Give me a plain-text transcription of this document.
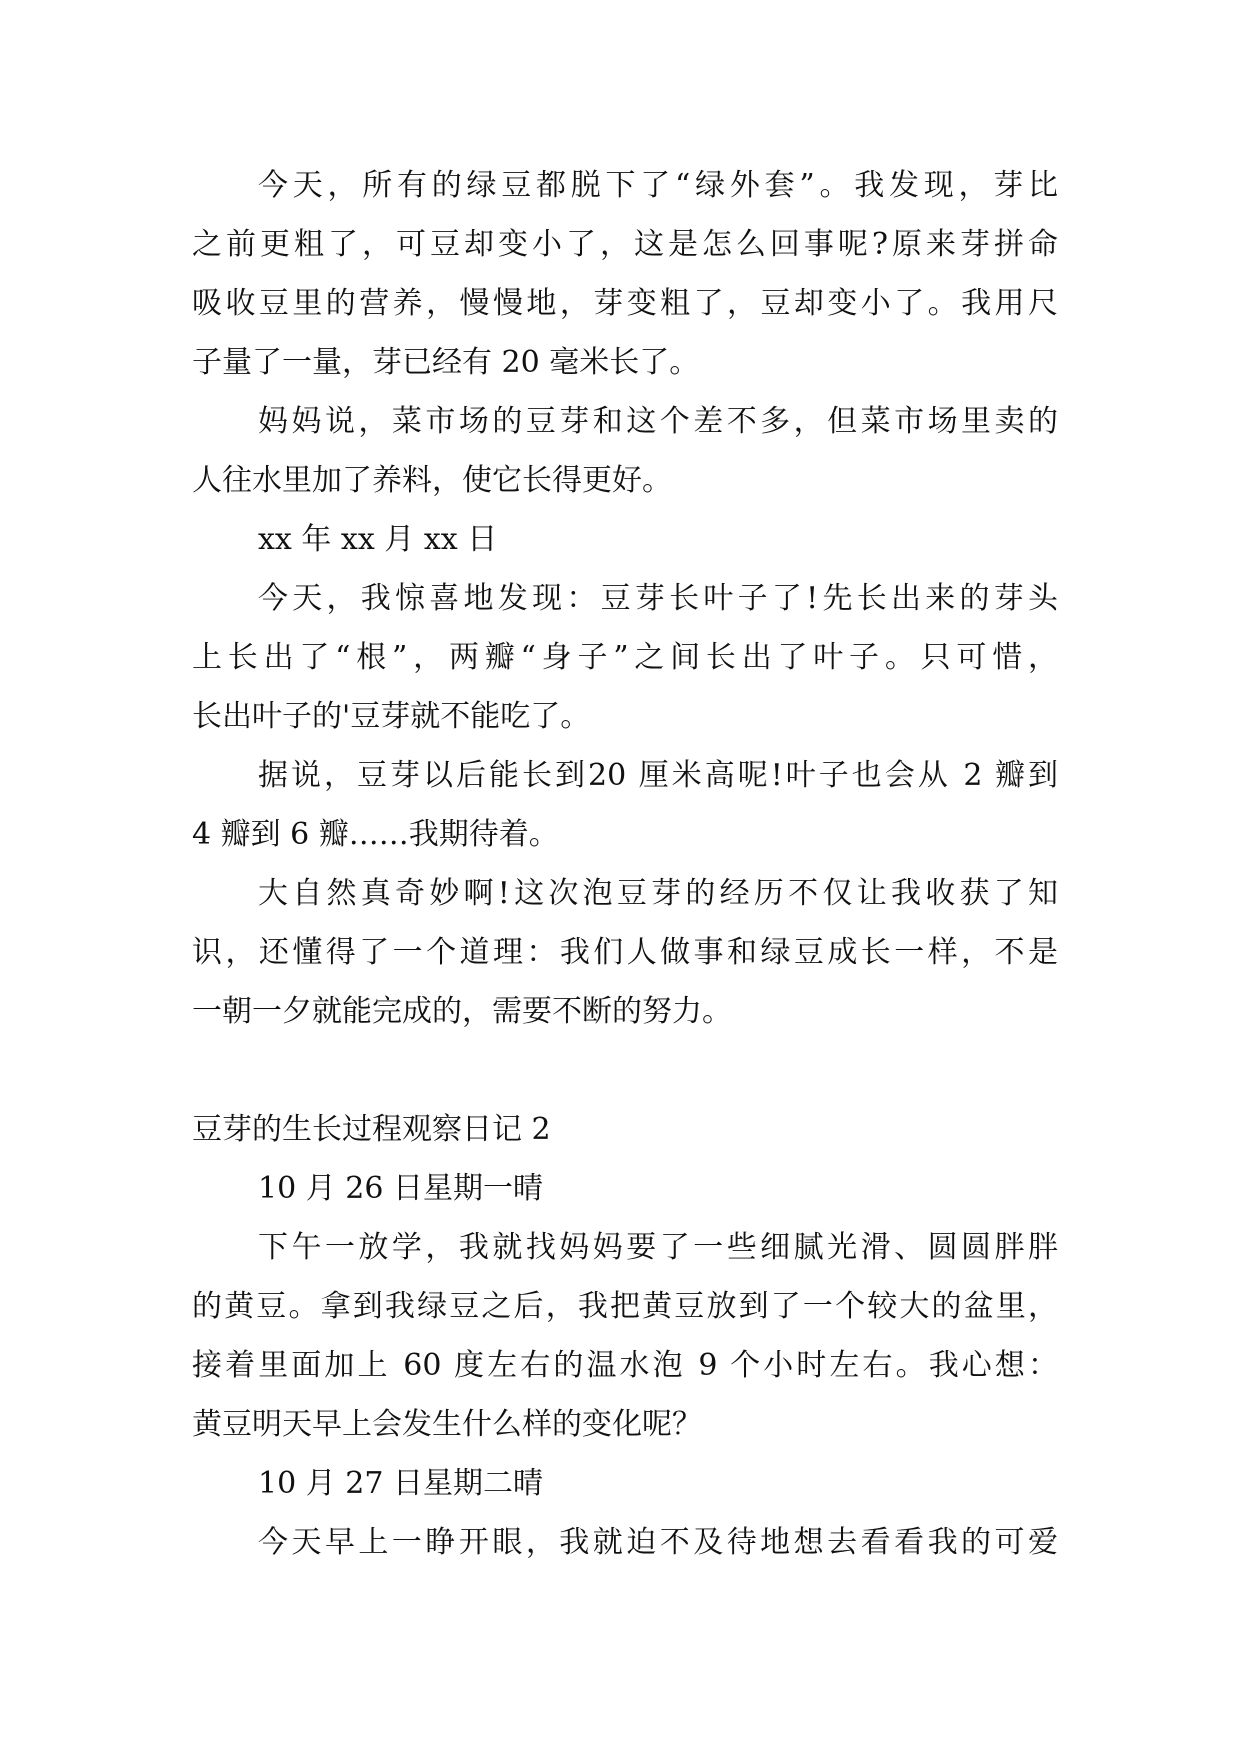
今天，所有的绿豆都脱下了“绿外套”。我发现，芽比
之前更粗了，可豆却变小了，这是怎么回事呢?原来芽拼命
吸收豆里的营养，慢慢地，芽变粗了，豆却变小了。我用尺
子量了一量，芽已经有 20 毫米长了。
妈妈说，菜市场的豆芽和这个差不多，但菜市场里卖的
人往水里加了养料，使它长得更好。
xx 年 xx 月 xx 日
今天，我惊喜地发现：豆芽长叶子了!先长出来的芽头
上长出了“根”，两瓣“身子”之间长出了叶子。只可惜，
长出叶子的'豆芽就不能吃了。
据说，豆芽以后能长到20 厘米高呢!叶子也会从 2 瓣到
4 瓣到 6 瓣……我期待着。
大自然真奇妙啊!这次泡豆芽的经历不仅让我收获了知
识，还懂得了一个道理：我们人做事和绿豆成长一样，不是
一朝一夕就能完成的，需要不断的努力。
豆芽的生长过程观察日记 2
10 月 26 日星期一晴
下午一放学，我就找妈妈要了一些细腻光滑、圆圆胖胖
的黄豆。拿到我绿豆之后，我把黄豆放到了一个较大的盆里，
接着里面加上 60 度左右的温水泡 9 个小时左右。我心想：
黄豆明天早上会发生什么样的变化呢？
10 月 27 日星期二晴
今天早上一睁开眼，我就迫不及待地想去看看我的可爱
